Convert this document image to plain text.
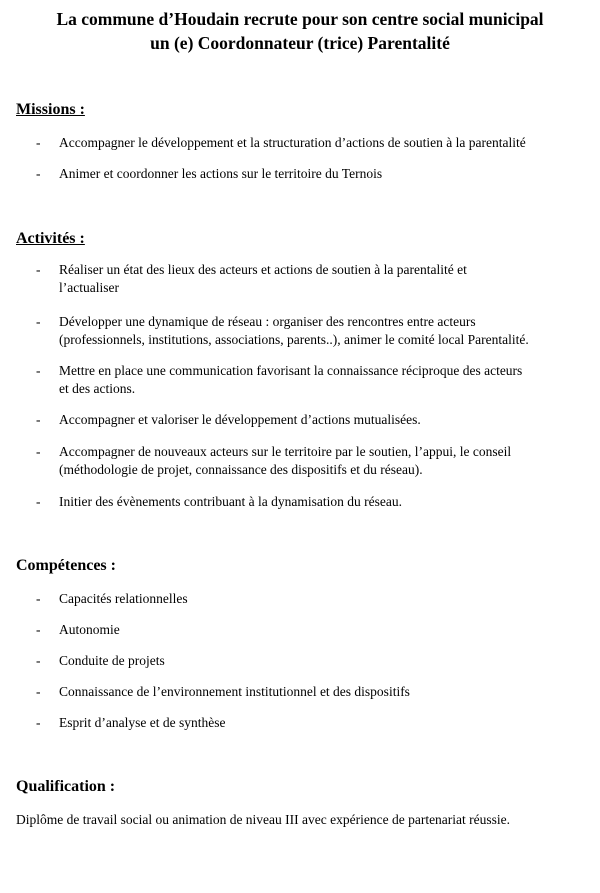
La commune d’Houdain recrute pour son centre social municipal
un (e) Coordonnateur (trice) Parentalité
Missions :
- Accompagner le développement et la structuration d’actions de soutien à la parentalité
- Animer et coordonner les actions sur le territoire du Ternois
Activités :
- Réaliser un état des lieux des acteurs et actions de soutien à la parentalité et
l’actualiser
- Développer une dynamique de réseau : organiser des rencontres entre acteurs
(professionnels, institutions, associations, parents..), animer le comité local Parentalité.
- Mettre en place une communication favorisant la connaissance réciproque des acteurs
et des actions.
- Accompagner et valoriser le développement d’actions mutualisées.
- Accompagner de nouveaux acteurs sur le territoire par le soutien, l’appui, le conseil
(méthodologie de projet, connaissance des dispositifs et du réseau).
- Initier des évènements contribuant à la dynamisation du réseau.
Compétences :
- Capacités relationnelles
- Autonomie
- Conduite de projets
- Connaissance de l’environnement institutionnel et des dispositifs
- Esprit d’analyse et de synthèse
Qualification :
Diplôme de travail social ou animation de niveau III avec expérience de partenariat réussie.
